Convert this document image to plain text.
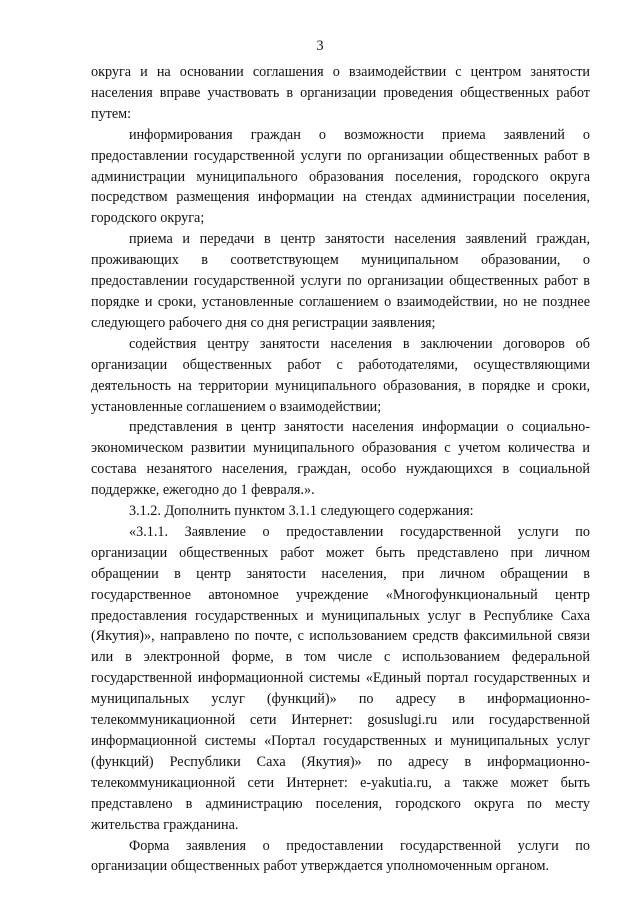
3

округа и на основании соглашения о взаимодействии с центром занятости населения вправе участвовать в организации проведения общественных работ путем:

информирования граждан о возможности приема заявлений о предоставлении государственной услуги по организации общественных работ в администрации муниципального образования поселения, городского округа посредством размещения информации на стендах администрации поселения, городского округа;

приема и передачи в центр занятости населения заявлений граждан, проживающих в соответствующем муниципальном образовании, о предоставлении государственной услуги по организации общественных работ в порядке и сроки, установленные соглашением о взаимодействии, но не позднее следующего рабочего дня со дня регистрации заявления;

содействия центру занятости населения в заключении договоров об организации общественных работ с работодателями, осуществляющими деятельность на территории муниципального образования, в порядке и сроки, установленные соглашением о взаимодействии;

представления в центр занятости населения информации о социально-экономическом развитии муниципального образования с учетом количества и состава незанятого населения, граждан, особо нуждающихся в социальной поддержке, ежегодно до 1 февраля.».

3.1.2. Дополнить пунктом 3.1.1 следующего содержания:

«3.1.1. Заявление о предоставлении государственной услуги по организации общественных работ может быть представлено при личном обращении в центр занятости населения, при личном обращении в государственное автономное учреждение «Многофункциональный центр предоставления государственных и муниципальных услуг в Республике Саха (Якутия)», направлено по почте, с использованием средств факсимильной связи или в электронной форме, в том числе с использованием федеральной государственной информационной системы «Единый портал государственных и муниципальных услуг (функций)» по адресу в информационно-телекоммуникационной сети Интернет: gosuslugi.ru или государственной информационной системы «Портал государственных и муниципальных услуг (функций) Республики Саха (Якутия)» по адресу в информационно-телекоммуникационной сети Интернет: e-yakutia.ru, а также может быть представлено в администрацию поселения, городского округа по месту жительства гражданина.

Форма заявления о предоставлении государственной услуги по организации общественных работ утверждается уполномоченным органом.
